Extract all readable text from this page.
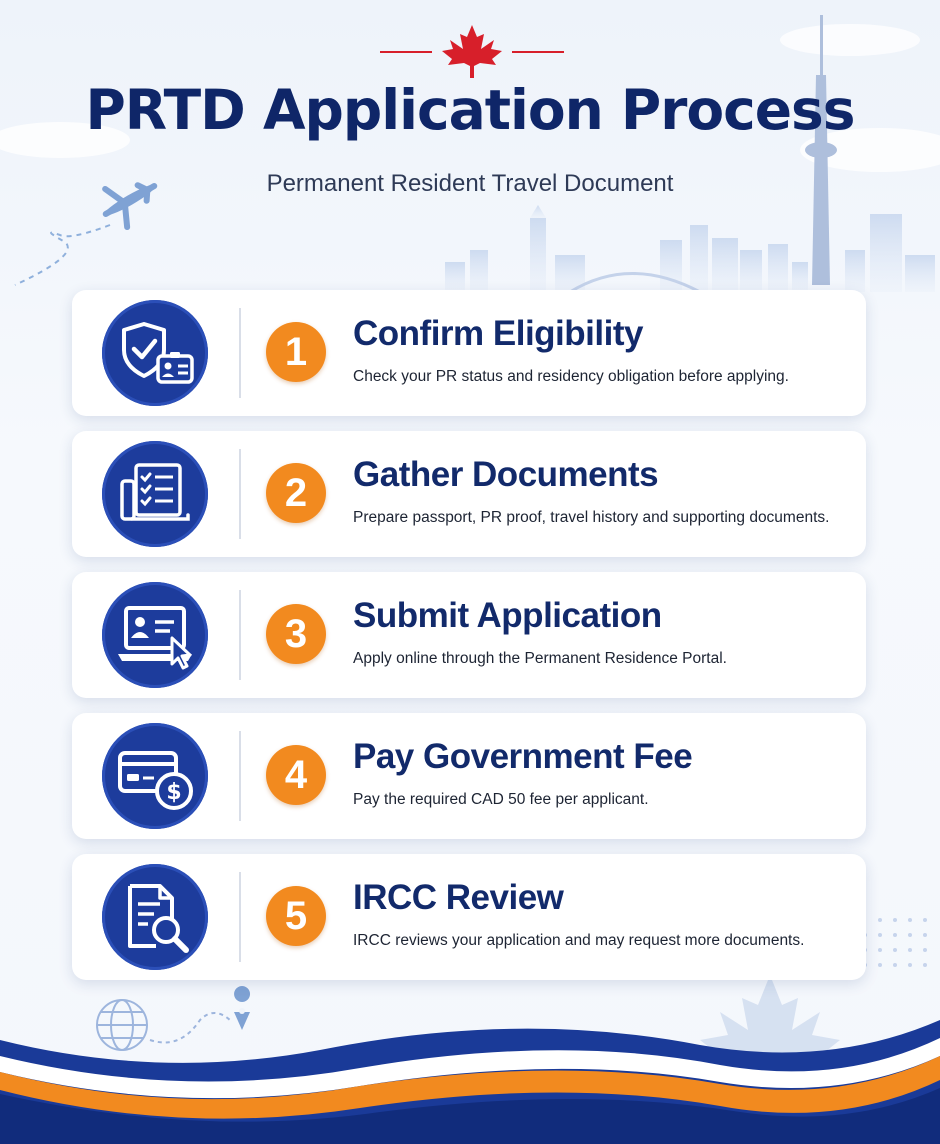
PRTD Application Process
Permanent Resident Travel Document
1	Confirm Eligibility
Check your PR status and residency obligation before applying.
2	Gather Documents
Prepare passport, PR proof, travel history and supporting documents.
3	Submit Application
Apply online through the Permanent Residence Portal.
$	4	Pay Government Fee
Pay the required CAD 50 fee per applicant.
5	IRCC Review
IRCC reviews your application and may request more documents.
